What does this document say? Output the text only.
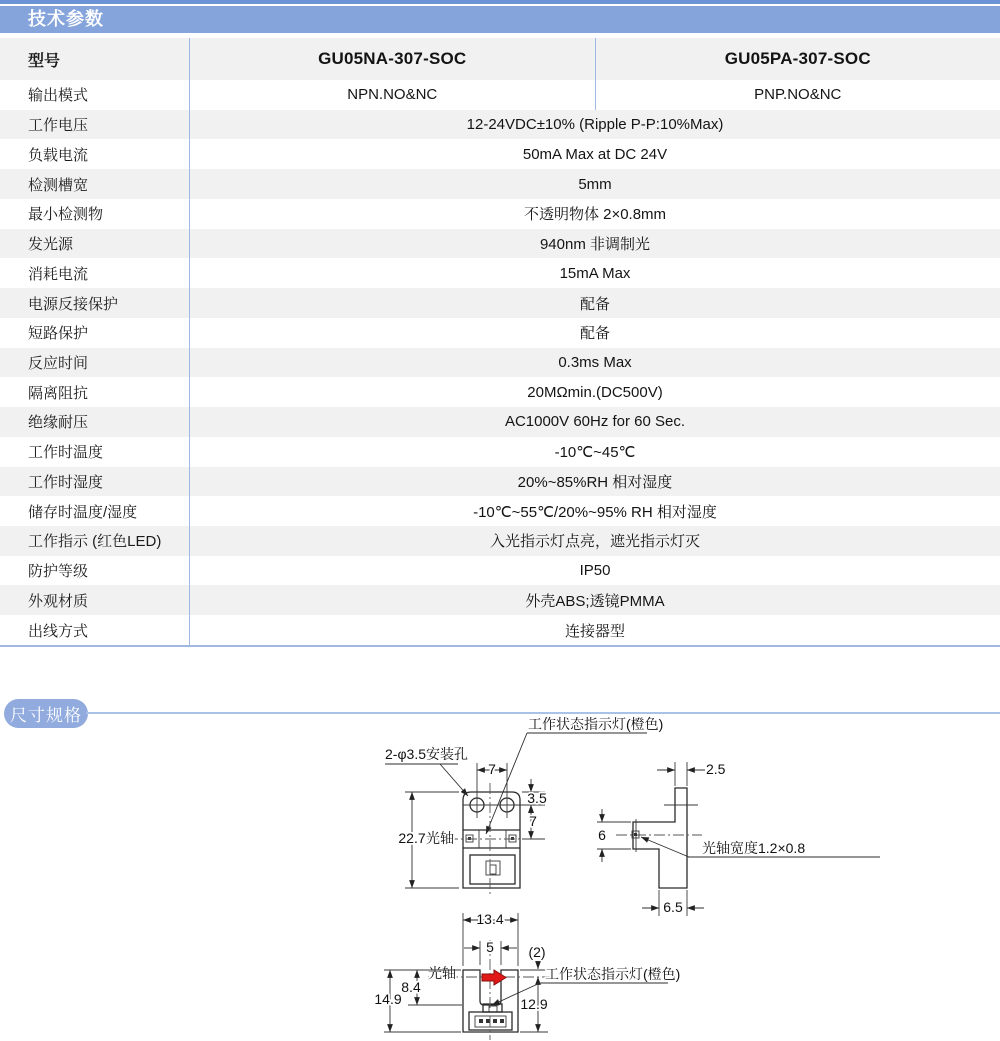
技术参数
型号	GU05NA-307-SOC	GU05PA-307-SOC
输出模式	NPN.NO&NC	PNP.NO&NC
工作电压	12-24VDC±10% (Ripple P-P:10%Max)
负载电流	50mA Max at DC 24V
检测槽宽	5mm
最小检测物	不透明物体 2×0.8mm
发光源	940nm 非调制光
消耗电流	15mA Max
电源反接保护	配备
短路保护	配备
反应时间	0.3ms Max
隔离阻抗	20MΩmin.(DC500V)
绝缘耐压	AC1000V 60Hz for 60 Sec.
工作时温度	-10℃~45℃
工作时湿度	20%~85%RH 相对湿度
储存时温度/湿度	-10℃~55℃/20%~95% RH 相对湿度
工作指示 (红色LED)	入光指示灯点亮，遮光指示灯灭
防护等级	IP50
外观材质	外壳ABS;透镜PMMA
出线方式	连接器型
尺寸规格
2-φ3.5安装孔
工作状态指示灯(橙色)
光轴
7
22.7
3.5
7
2.5
6
6.5
光轴宽度1.2×0.8
光轴
13.4
5 (2)
12.9
8.4
14.9
工作状态指示灯(橙色)
